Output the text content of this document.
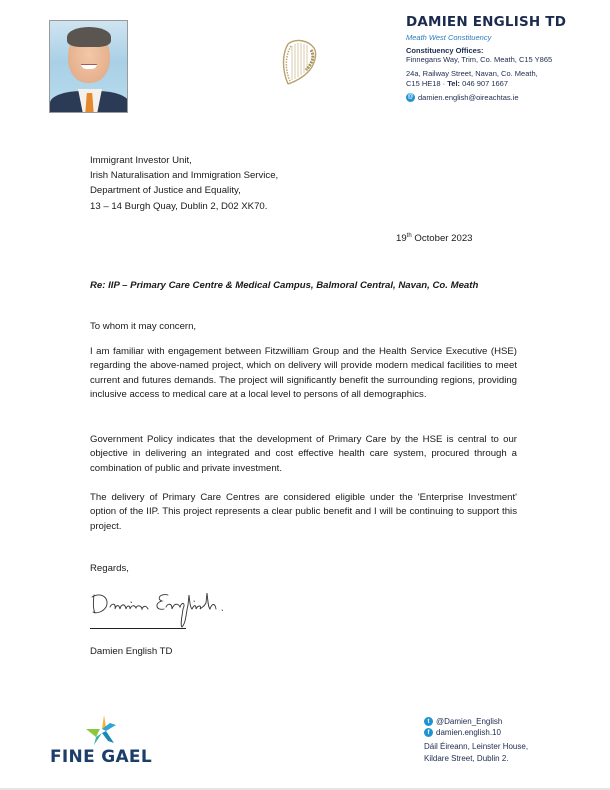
DAMIEN ENGLISH TD
Meath West Constituency
Constituency Offices:
Finnegans Way, Trim, Co. Meath, C15 Y865
24a, Railway Street, Navan, Co. Meath,
C15 HE18 · Tel: 046 907 1667
@ damien.english@oireachtas.ie
Immigrant Investor Unit,
Irish Naturalisation and Immigration Service,
Department of Justice and Equality,
13 – 14 Burgh Quay, Dublin 2, D02 XK70.
19th October 2023
Re: IIP – Primary Care Centre & Medical Campus, Balmoral Central, Navan, Co. Meath
To whom it may concern,

I am familiar with engagement between Fitzwilliam Group and the Health Service Executive (HSE) regarding the above-named project, which on delivery will provide modern medical facilities to meet current and futures demands. The project will significantly benefit the surrounding regions, providing inclusive access to medical care at a local level to persons of all demographics.

Government Policy indicates that the development of Primary Care by the HSE is central to our objective in delivering an integrated and cost effective health care system, procured through a combination of public and private investment.

The delivery of Primary Care Centres are considered eligible under the 'Enterprise Investment' option of the IIP. This project represents a clear public benefit and I will be continuing to support this project.

Regards,
Damien English TD
FINE GAEL
t @Damien_English
f damien.english.10
Dáil Éireann, Leinster House,
Kildare Street, Dublin 2.
